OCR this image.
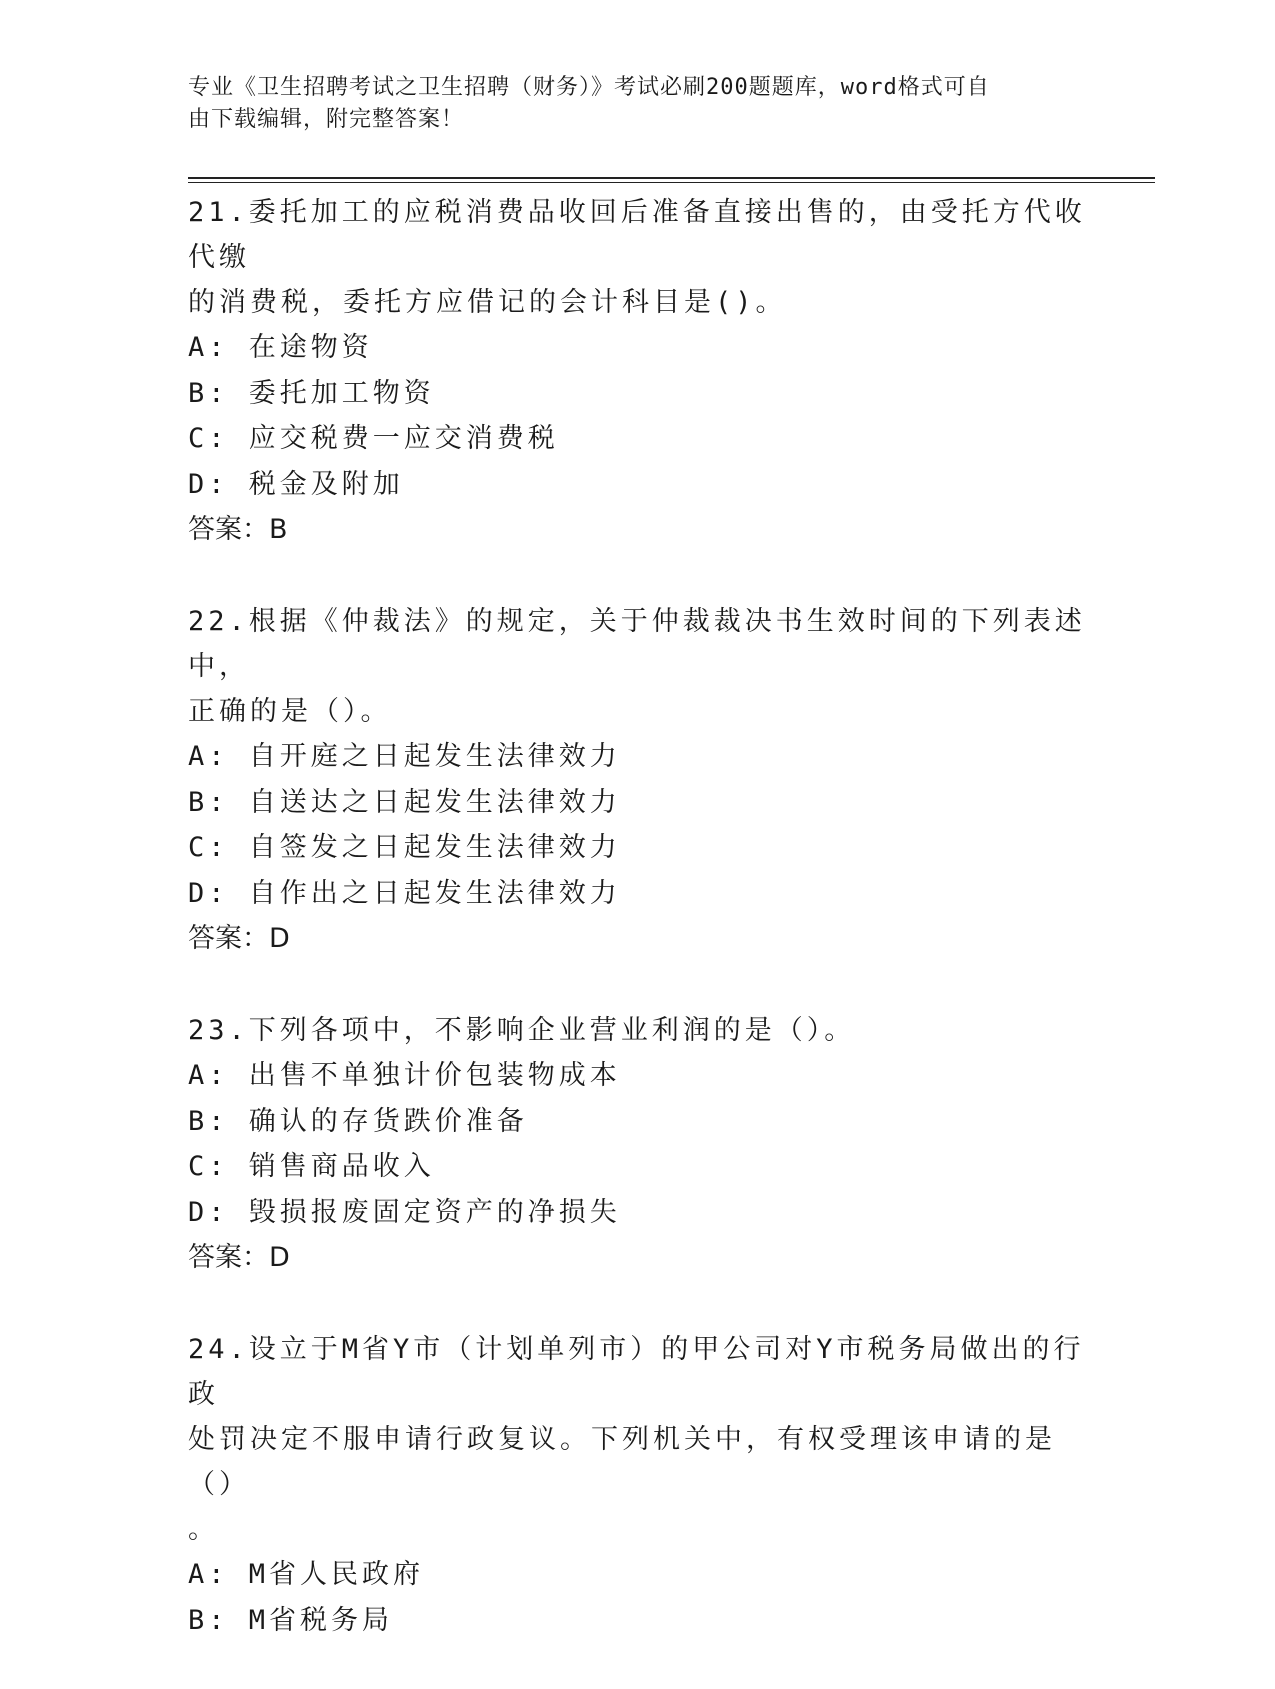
专业《卫生招聘考试之卫生招聘（财务）》考试必刷200题题库，word格式可自
由下载编辑，附完整答案！

21.委托加工的应税消费品收回后准备直接出售的，由受托方代收代缴

的消费税，委托方应借记的会计科目是()。

A: 在途物资

B: 委托加工物资

C: 应交税费一应交消费税

D: 税金及附加

答案：B

22.根据《仲裁法》的规定，关于仲裁裁决书生效时间的下列表述中，

正确的是（）。

A: 自开庭之日起发生法律效力

B: 自送达之日起发生法律效力

C: 自签发之日起发生法律效力

D: 自作出之日起发生法律效力

答案：D

23.下列各项中，不影响企业营业利润的是（）。

A: 出售不单独计价包装物成本

B: 确认的存货跌价准备

C: 销售商品收入

D: 毁损报废固定资产的净损失

答案：D

24.设立于M省Y市（计划单列市）的甲公司对Y市税务局做出的行政

处罚决定不服申请行政复议。下列机关中，有权受理该申请的是（）

。

A: M省人民政府

B: M省税务局
